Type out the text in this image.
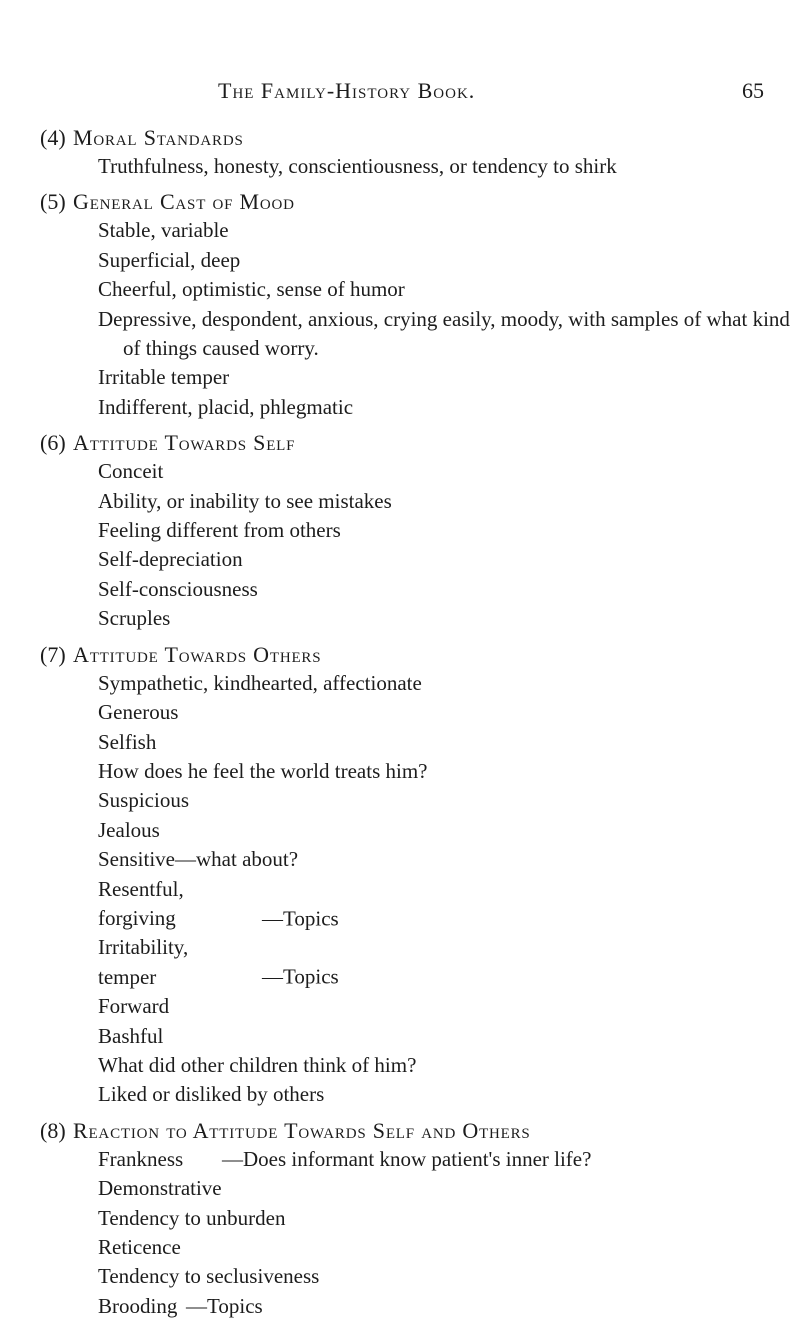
The Family-History Book.	65
(4) Moral Standards
Truthfulness, honesty, conscientiousness, or tendency to shirk
(5) General Cast of Mood
Stable, variable
Superficial, deep
Cheerful, optimistic, sense of humor
Depressive, despondent, anxious, crying easily, moody, with samples of what kind of things caused worry.
Irritable temper
Indifferent, placid, phlegmatic
(6) Attitude Towards Self
Conceit
Ability, or inability to see mistakes
Feeling different from others
Self-depreciation
Self-consciousness
Scruples
(7) Attitude Towards Others
Sympathetic, kindhearted, affectionate
Generous
Selfish
How does he feel the world treats him?
Suspicious
Jealous
Sensitive—what about?
Resentful, forgiving	—Topics
Irritability, temper	—Topics
Forward
Bashful
What did other children think of him?
Liked or disliked by others
(8) Reaction to Attitude Towards Self and Others
Frankness —Does informant know patient's inner life?
Demonstrative
Tendency to unburden
Reticence
Tendency to seclusiveness
Brooding —Topics
